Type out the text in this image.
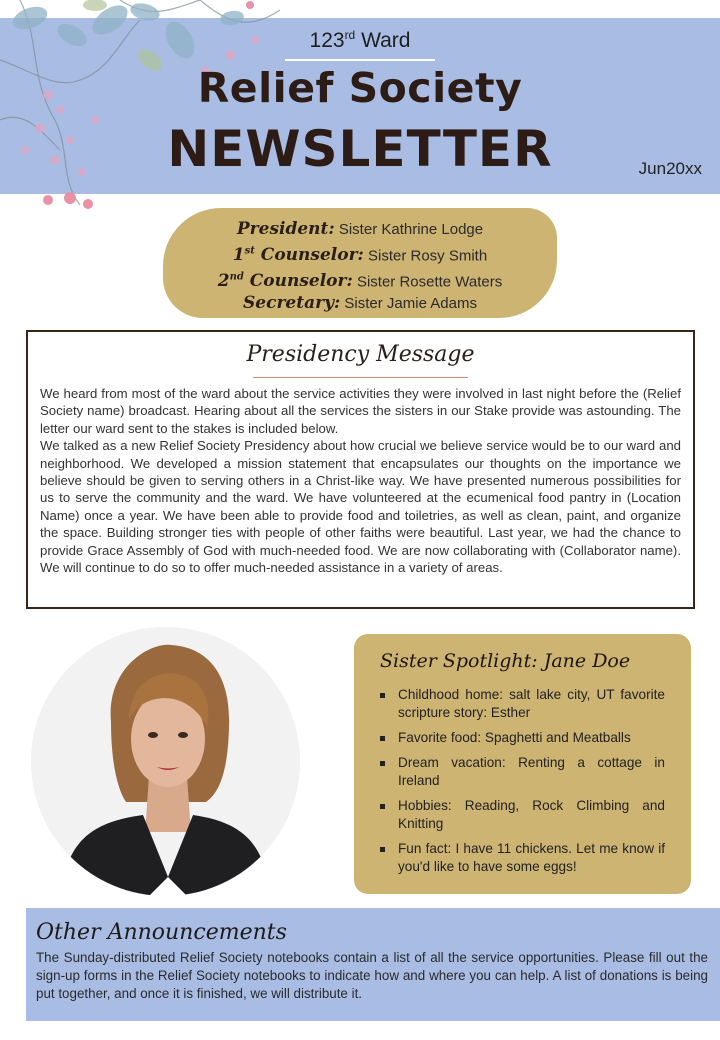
123rd Ward
Relief Society
NEWSLETTER	Jun20xx
President: Sister Kathrine Lodge
1st Counselor: Sister Rosy Smith
2nd Counselor: Sister Rosette Waters
Secretary: Sister Jamie Adams
Presidency Message
We heard from most of the ward about the service activities they were involved in last night before the (Relief Society name) broadcast. Hearing about all the services the sisters in our Stake provide was astounding. The letter our ward sent to the stakes is included below.
We talked as a new Relief Society Presidency about how crucial we believe service would be to our ward and neighborhood. We developed a mission statement that encapsulates our thoughts on the importance we believe should be given to serving others in a Christ-like way. We have presented numerous possibilities for us to serve the community and the ward. We have volunteered at the ecumenical food pantry in (Location Name) once a year. We have been able to provide food and toiletries, as well as clean, paint, and organize the space. Building stronger ties with people of other faiths were beautiful. Last year, we had the chance to provide Grace Assembly of God with much-needed food. We are now collaborating with (Collaborator name). We will continue to do so to offer much-needed assistance in a variety of areas.
Sister Spotlight: Jane Doe
Childhood home: salt lake city, UT favorite scripture story: Esther
Favorite food: Spaghetti and Meatballs
Dream vacation: Renting a cottage in Ireland
Hobbies: Reading, Rock Climbing and Knitting
Fun fact: I have 11 chickens. Let me know if you'd like to have some eggs!
Other Announcements
The Sunday-distributed Relief Society notebooks contain a list of all the service opportunities. Please fill out the sign-up forms in the Relief Society notebooks to indicate how and where you can help. A list of donations is being put together, and once it is finished, we will distribute it.
